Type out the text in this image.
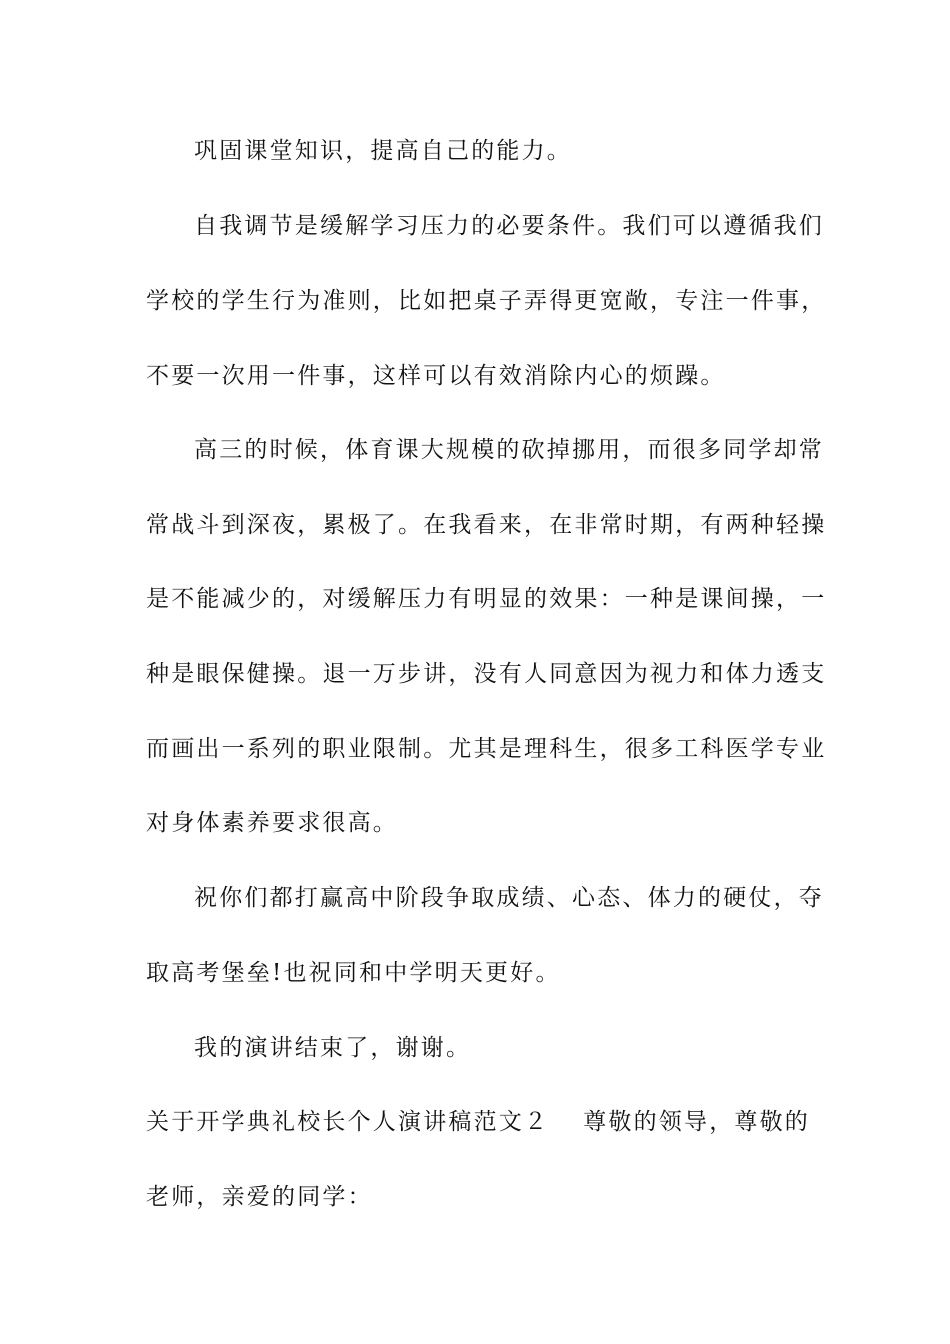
巩固课堂知识，提高自己的能力。
自我调节是缓解学习压力的必要条件。我们可以遵循我们
学校的学生行为准则，比如把桌子弄得更宽敞，专注一件事，
不要一次用一件事，这样可以有效消除内心的烦躁。
高三的时候，体育课大规模的砍掉挪用，而很多同学却常
常战斗到深夜，累极了。在我看来，在非常时期，有两种轻操
是不能减少的，对缓解压力有明显的效果：一种是课间操，一
种是眼保健操。退一万步讲，没有人同意因为视力和体力透支
而画出一系列的职业限制。尤其是理科生，很多工科医学专业
对身体素养要求很高。
祝你们都打赢高中阶段争取成绩、心态、体力的硬仗，夺
取高考堡垒!也祝同和中学明天更好。
我的演讲结束了，谢谢。
关于开学典礼校长个人演讲稿范文２ 尊敬的领导，尊敬的
老师，亲爱的同学：
